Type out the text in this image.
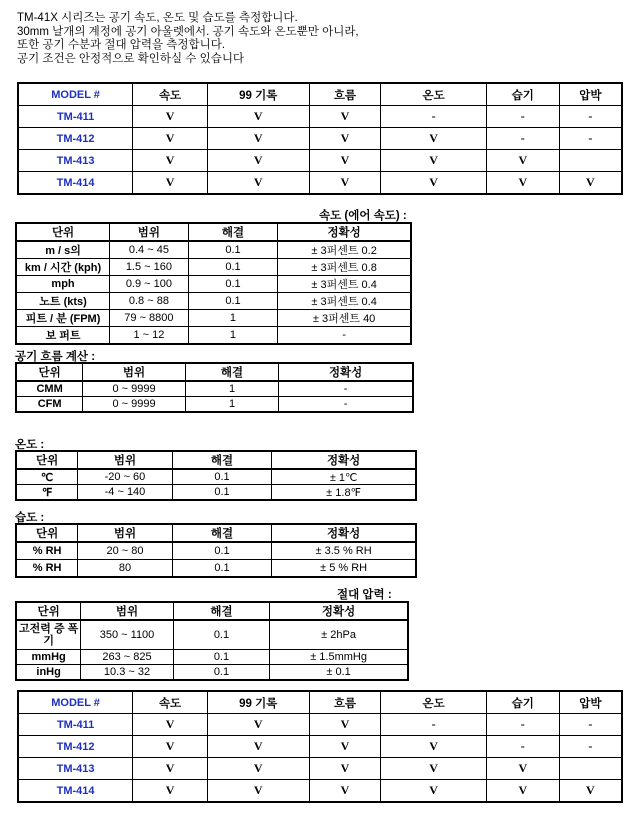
TM-41X 시리즈는 공기 속도, 온도 및 습도를 측정합니다.
30mm 날개의 계정에 공기 아울렛에서. 공기 속도와 온도뿐만 아니라,
또한 공기 수분과 절대 압력을 측정합니다.
공기 조건은 안정적으로 확인하실 수 있습니다
MODEL #	속도	99 기록	흐름	온도	습기	압박
TM-411	V	V	V	-	-	-
TM-412	V	V	V	V	-	-
TM-413	V	V	V	V	V	
TM-414	V	V	V	V	V	V
속도 (에어 속도) :
단위	범위	해결	정확성
m / s의	0.4 ~ 45	0.1	± 3퍼센트 0.2
km / 시간 (kph)	1.5 ~ 160	0.1	± 3퍼센트 0.8
mph	0.9 ~ 100	0.1	± 3퍼센트 0.4
노트 (kts)	0.8 ~ 88	0.1	± 3퍼센트 0.4
피트 / 분 (FPM)	79 ~ 8800	1	± 3퍼센트 40
보 퍼트	1 ~ 12	1	-
공기 흐름 계산 :
단위	범위	해결	정확성
CMM	0 ~ 9999	1	-
CFM	0 ~ 9999	1	-
온도 :
단위	범위	해결	정확성
℃	-20 ~ 60	0.1	± 1℃
℉	-4 ~ 140	0.1	± 1.8℉
습도 :
단위	범위	해결	정확성
% RH	20 ~ 80	0.1	± 3.5 % RH
% RH	80	0.1	± 5 % RH
절대 압력 :
단위	범위	해결	정확성
고전력 증 폭기	350 ~ 1100	0.1	± 2hPa
mmHg	263 ~ 825	0.1	± 1.5mmHg
inHg	10.3 ~ 32	0.1	± 0.1
MODEL #	속도	99 기록	흐름	온도	습기	압박
TM-411	V	V	V	-	-	-
TM-412	V	V	V	V	-	-
TM-413	V	V	V	V	V	
TM-414	V	V	V	V	V	V
